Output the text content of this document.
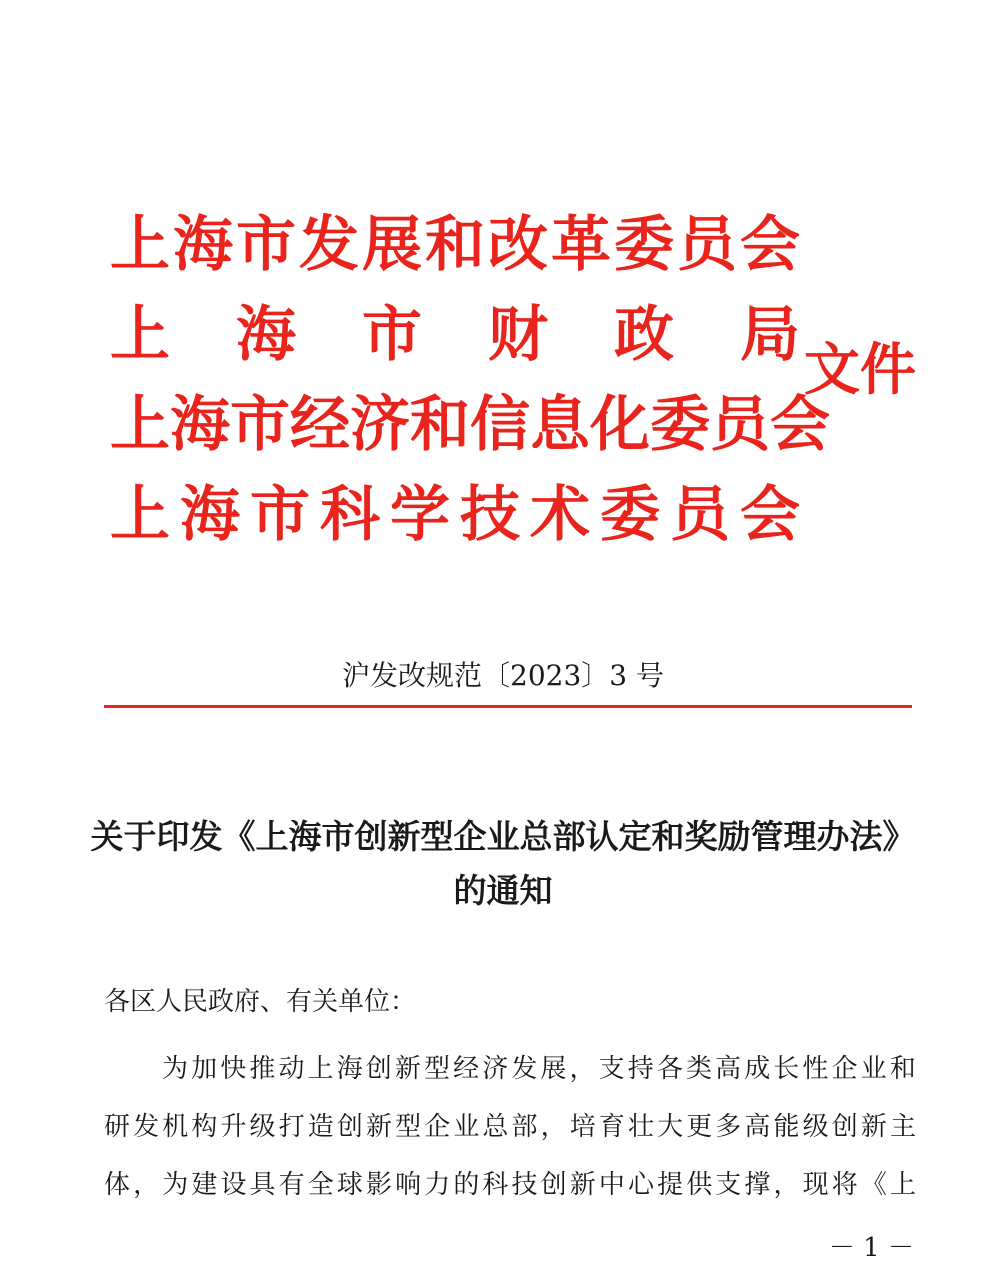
上 海 市 发 展 和 改 革 委 员 会
上 海 市 财 政 局
上 海 市 经 济 和 信 息 化 委 员 会
上 海 市 科 学 技 术 委 员 会
文件
沪发改规范〔2023〕3 号
关于印发《上海市创新型企业总部认定和奖励管理办法》
的通知
各区人民政府、有关单位：
为 加 快 推 动 上 海 创 新 型 经 济 发 展 ， 支 持 各 类 高 成 长 性 企 业 和
研 发 机 构 升 级 打 造 创 新 型 企 业 总 部 ， 培 育 壮 大 更 多 高 能 级 创 新 主
体 ， 为 建 设 具 有 全 球 影 响 力 的 科 技 创 新 中 心 提 供 支 撑 ， 现 将 《 上
－ 1 －
